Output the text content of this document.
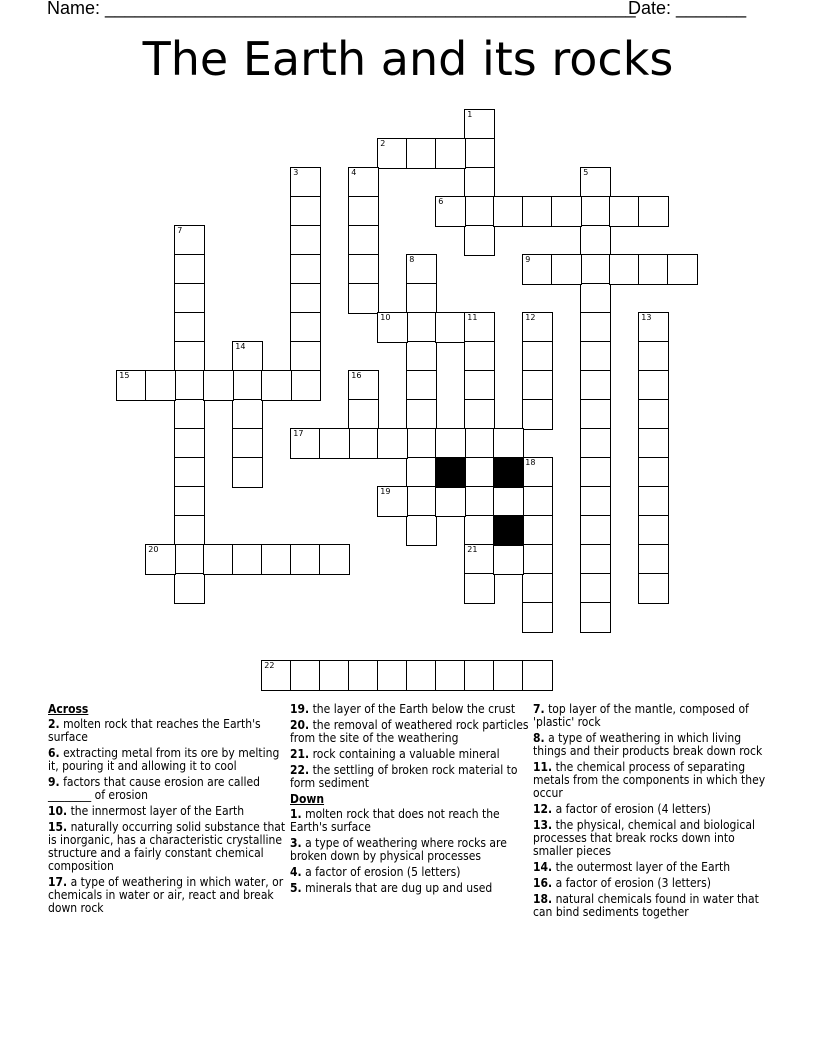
Name: _____________________________________________________
Date: _______
The Earth and its rocks
1
2
3	4	5
6
7
8	9
10	11
21
12	13
14
15	16
17
18
19
20
22
Across
2. molten rock that reaches the Earth's surface
6. extracting metal from its ore by melting it, pouring it and allowing it to cool
9. factors that cause erosion are called ________ of erosion
10. the innermost layer of the Earth
15. naturally occurring solid substance that is inorganic, has a characteristic crystalline structure and a fairly constant chemical composition
17. a type of weathering in which water, or chemicals in water or air, react and break down rock
19. the layer of the Earth below the crust
20. the removal of weathered rock particles from the site of the weathering
21. rock containing a valuable mineral
22. the settling of broken rock material to form sediment
Down
1. molten rock that does not reach the Earth's surface
3. a type of weathering where rocks are broken down by physical processes
4. a factor of erosion (5 letters)
5. minerals that are dug up and used
7. top layer of the mantle, composed of 'plastic' rock
8. a type of weathering in which living things and their products break down rock
11. the chemical process of separating metals from the components in which they occur
12. a factor of erosion (4 letters)
13. the physical, chemical and biological processes that break rocks down into smaller pieces
14. the outermost layer of the Earth
16. a factor of erosion (3 letters)
18. natural chemicals found in water that can bind sediments together
